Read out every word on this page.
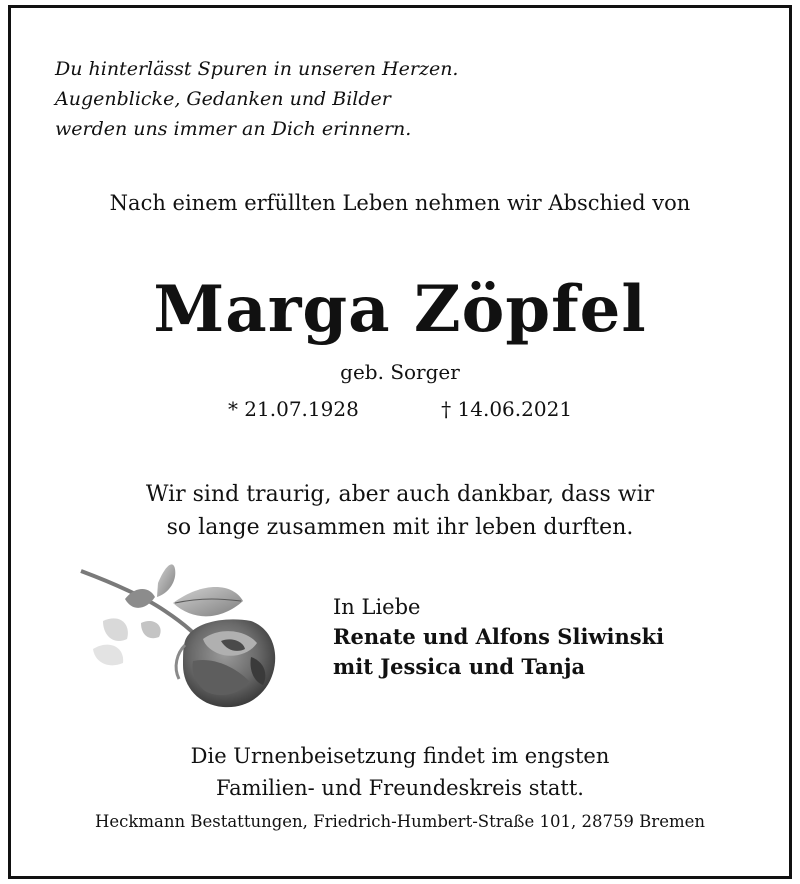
Du hinterlässt Spuren in unseren Herzen.
Augenblicke, Gedanken und Bilder
werden uns immer an Dich erinnern.
Nach einem erfüllten Leben nehmen wir Abschied von
Marga Zöpfel
geb. Sorger
* 21.07.1928	† 14.06.2021
Wir sind traurig, aber auch dankbar, dass wir
so lange zusammen mit ihr leben durften.
In Liebe
Renate und Alfons Sliwinski
mit Jessica und Tanja
Die Urnenbeisetzung findet im engsten
Familien- und Freundeskreis statt.
Heckmann Bestattungen, Friedrich-Humbert-Straße 101, 28759 Bremen
